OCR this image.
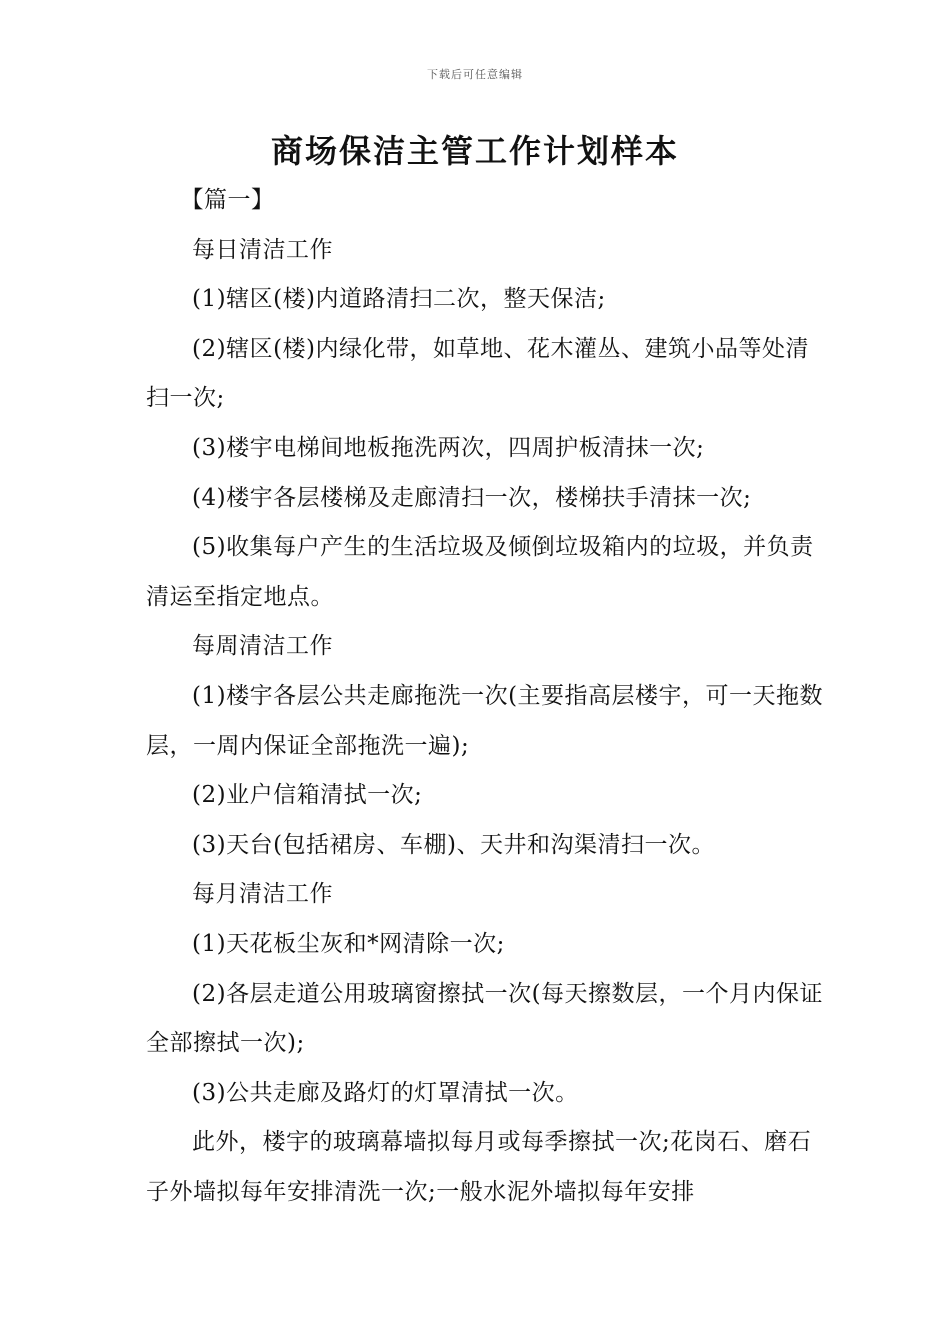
下载后可任意编辑
商场保洁主管工作计划样本

【篇一】

每日清洁工作

(1)辖区(楼)内道路清扫二次，整天保洁;

(2)辖区(楼)内绿化带，如草地、花木灌丛、建筑小品等处清扫一次;

(3)楼宇电梯间地板拖洗两次，四周护板清抹一次;

(4)楼宇各层楼梯及走廊清扫一次，楼梯扶手清抹一次;

(5)收集每户产生的生活垃圾及倾倒垃圾箱内的垃圾，并负责清运至指定地点。

每周清洁工作

(1)楼宇各层公共走廊拖洗一次(主要指高层楼宇，可一天拖数层，一周内保证全部拖洗一遍);

(2)业户信箱清拭一次;

(3)天台(包括裙房、车棚)、天井和沟渠清扫一次。

每月清洁工作

(1)天花板尘灰和*网清除一次;

(2)各层走道公用玻璃窗擦拭一次(每天擦数层，一个月内保证全部擦拭一次);

(3)公共走廊及路灯的灯罩清拭一次。

此外，楼宇的玻璃幕墙拟每月或每季擦拭一次;花岗石、磨石子外墙拟每年安排清洗一次;一般水泥外墙拟每年安排
